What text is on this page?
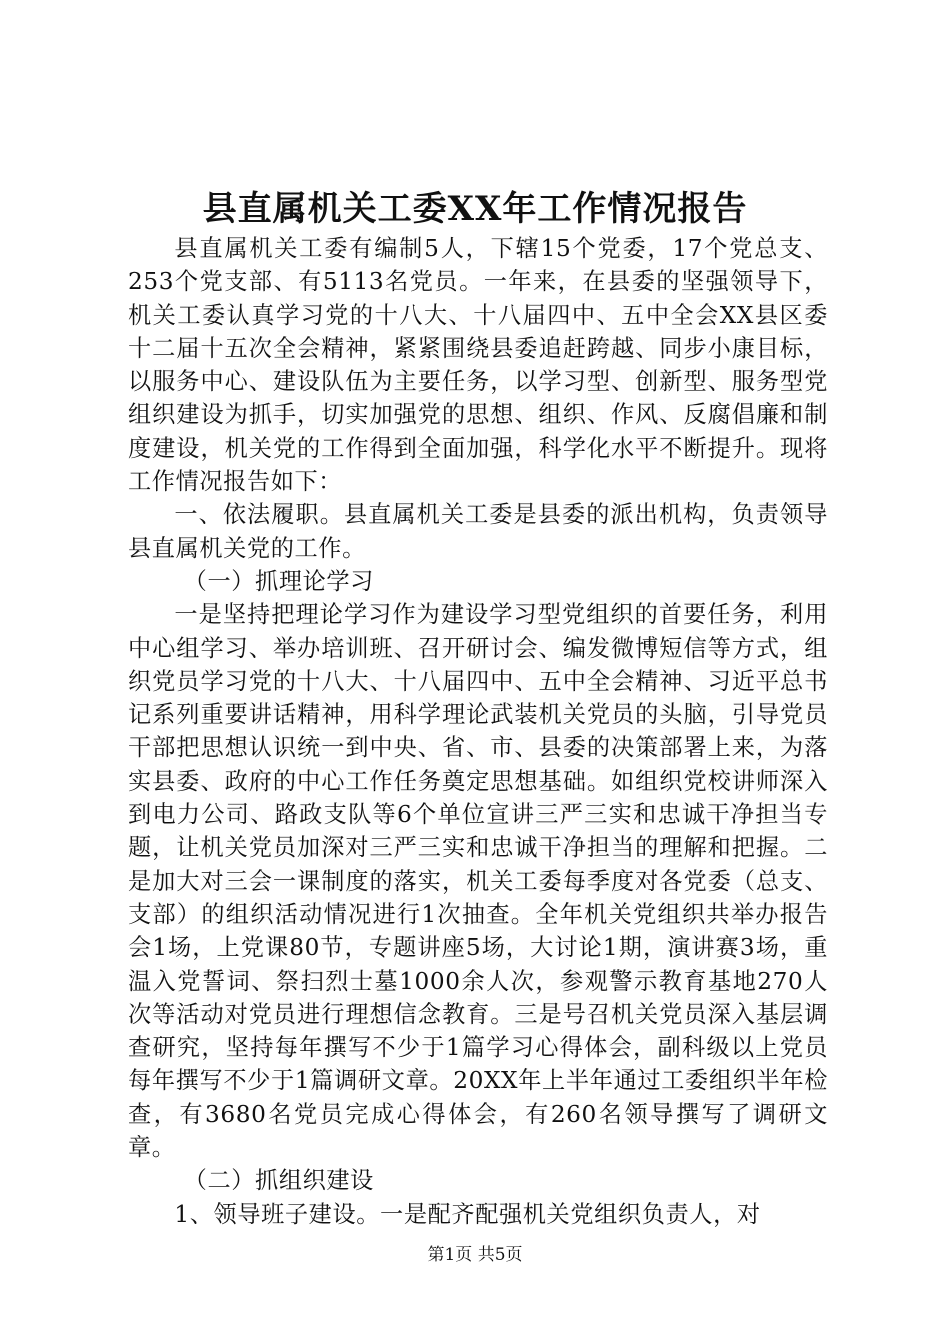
县直属机关工委XX年工作情况报告

县直属机关工委有编制5人，下辖15个党委，17个党总支、253个党支部、有5113名党员。一年来，在县委的坚强领导下，机关工委认真学习党的十八大、十八届四中、五中全会XX县区委十二届十五次全会精神，紧紧围绕县委追赶跨越、同步小康目标，以服务中心、建设队伍为主要任务，以学习型、创新型、服务型党组织建设为抓手，切实加强党的思想、组织、作风、反腐倡廉和制度建设，机关党的工作得到全面加强，科学化水平不断提升。现将工作情况报告如下：

一、依法履职。县直属机关工委是县委的派出机构，负责领导县直属机关党的工作。

（一）抓理论学习

一是坚持把理论学习作为建设学习型党组织的首要任务，利用中心组学习、举办培训班、召开研讨会、编发微博短信等方式，组织党员学习党的十八大、十八届四中、五中全会精神、习近平总书记系列重要讲话精神，用科学理论武装机关党员的头脑，引导党员干部把思想认识统一到中央、省、市、县委的决策部署上来，为落实县委、政府的中心工作任务奠定思想基础。如组织党校讲师深入到电力公司、路政支队等6个单位宣讲三严三实和忠诚干净担当专题，让机关党员加深对三严三实和忠诚干净担当的理解和把握。二是加大对三会一课制度的落实，机关工委每季度对各党委（总支、支部）的组织活动情况进行1次抽查。全年机关党组织共举办报告会1场，上党课80节，专题讲座5场，大讨论1期，演讲赛3场，重温入党誓词、祭扫烈士墓1000余人次，参观警示教育基地270人次等活动对党员进行理想信念教育。三是号召机关党员深入基层调查研究，坚持每年撰写不少于1篇学习心得体会，副科级以上党员每年撰写不少于1篇调研文章。20XX年上半年通过工委组织半年检查，有3680名党员完成心得体会，有260名领导撰写了调研文章。

（二）抓组织建设

1、领导班子建设。一是配齐配强机关党组织负责人，对

第1页 共5页
